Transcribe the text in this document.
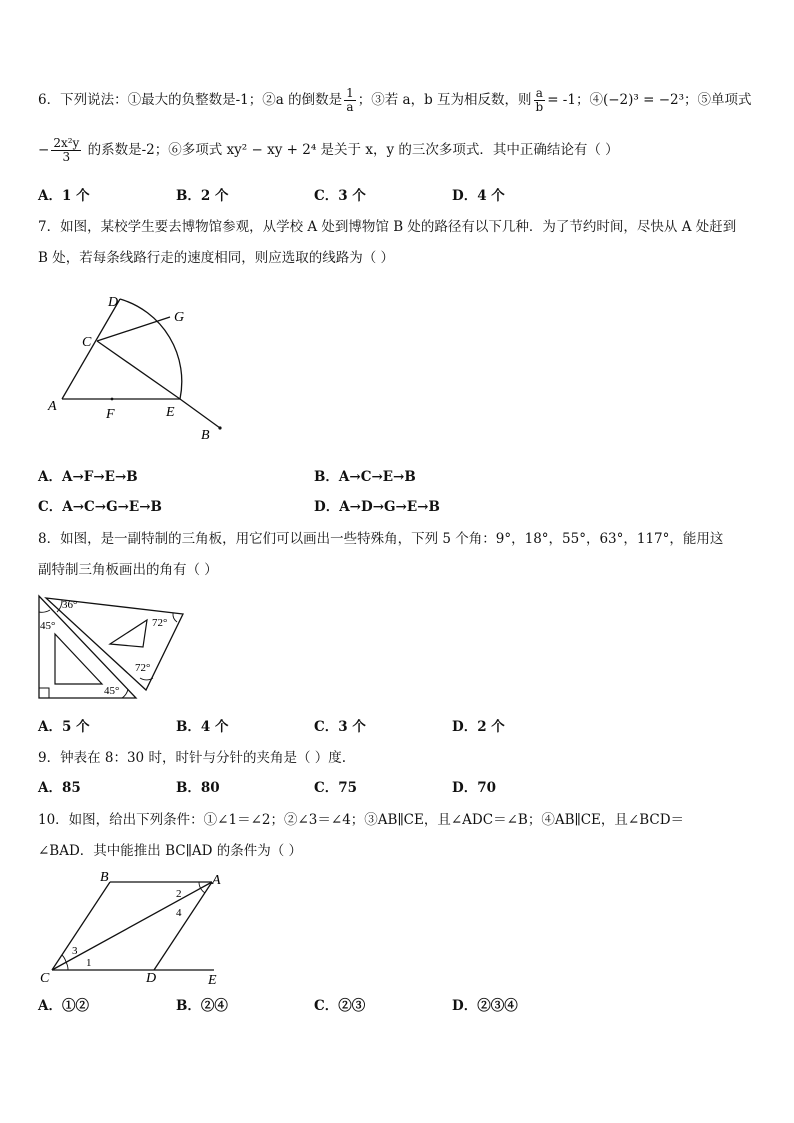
6．下列说法：①最大的负整数是-1；②a 的倒数是 $\frac{1}{a}$ ；③若 a，b 互为相反数，则 $\frac{a}{b} = -1$；④(−2)³ = −2³；⑤单项式
− $\frac{\text{2x²y}}{3}$ 的系数是-2；⑥多项式 xy² − xy + 2⁴ 是关于 x，y 的三次多项式．其中正确结论有（ ）
A．1 个	B．2 个	C．3 个	D．4 个
7．如图，某校学生要去博物馆参观，从学校 A 处到博物馆 B 处的路径有以下几种．为了节约时间，尽快从 A 处赶到
B 处，若每条线路行走的速度相同，则应选取的线路为（ ）
D
G
C
A
F	E
B
A．A→F→E→B	B．A→C→E→B
C．A→C→G→E→B	D．A→D→G→E→B
8．如图，是一副特制的三角板，用它们可以画出一些特殊角，下列 5 个角：9°，18°，55°，63°，117°，能用这
副特制三角板画出的角有（ ）
36°
45°	72°
72°
45°
A．5 个	B．4 个	C．3 个	D．2 个
9．钟表在 8：30 时，时针与分针的夹角是（ ）度.
A．85	B．80	C．75	D．70
10．如图，给出下列条件：①∠1＝∠2；②∠3＝∠4；③AB∥CE，且∠ADC＝∠B；④AB∥CE，且∠BCD＝
∠BAD．其中能推出 BC∥AD 的条件为（ ）
B	A
C	D	E
1
2
3
4
A．①②	B．②④	C．②③	D．②③④
